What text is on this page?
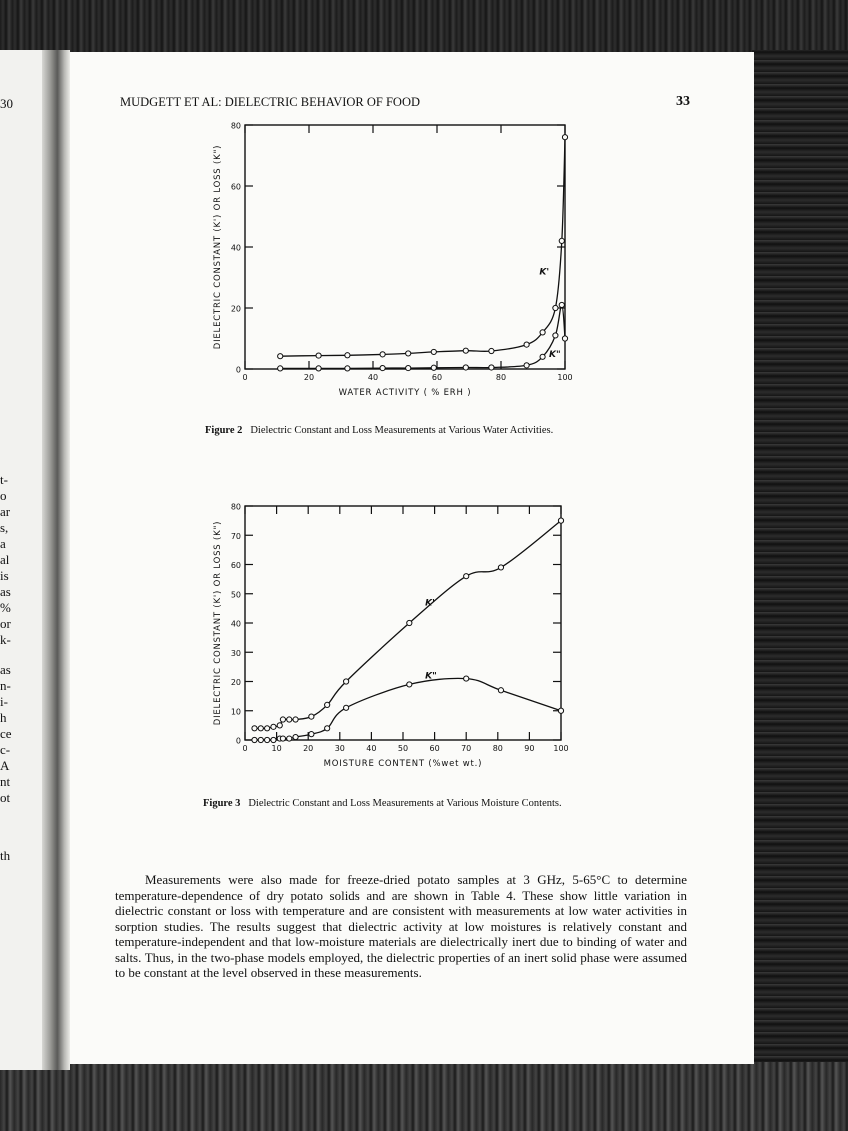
30
t-
o
ar
s,
a
al
is
as
%
or
k-
as
n-
i-
h
ce
c-
A
nt
ot
th
MUDGETT ET AL: DIELECTRIC BEHAVIOR OF FOOD	33
0
20
40
60
80
0	20	40	60	80	100
WATER ACTIVITY ( % ERH )
DIELECTRIC CONSTANT (K') OR LOSS (K")	K'
K"
Figure 2 Dielectric Constant and Loss Measurements at Various Water Activities.
0
10
20
30
40
50
60
70
80
0	10	20	30	40	50	60	70	80	90 100
MOISTURE CONTENT (%wet wt.)
DIELECTRIC CONSTANT (K') OR LOSS (K")	K'
K"
Figure 3 Dielectric Constant and Loss Measurements at Various Moisture Contents.

Measurements were also made for freeze-dried potato samples at 3 GHz, 5-65°C to determine temperature-dependence of dry potato solids and are shown in Table 4. These show little variation in dielectric constant or loss with temperature and are consistent with measurements at low water activities in sorption studies. The results suggest that dielectric activity at low moistures is relatively constant and temperature-independent and that low-moisture materials are dielectrically inert due to binding of water and salts. Thus, in the two-phase models employed, the dielectric properties of an inert solid phase were assumed to be constant at the level observed in these measurements.
